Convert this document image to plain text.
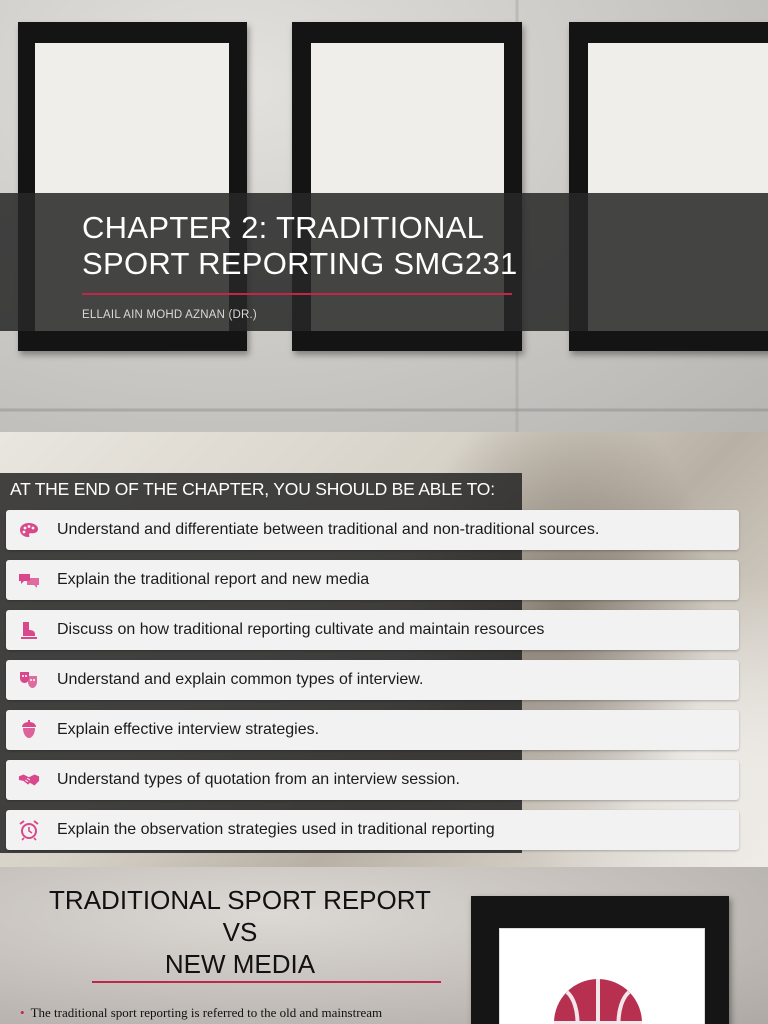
CHAPTER 2: TRADITIONAL
SPORT REPORTING SMG231
ELLAIL AIN MOHD AZNAN (DR.)
AT THE END OF THE CHAPTER, YOU SHOULD BE ABLE TO:
Understand and differentiate between traditional and non-traditional sources.
Explain the traditional report and new media
Discuss on how traditional reporting cultivate and maintain resources
Understand and explain common types of interview.
Explain effective interview strategies.
Understand types of quotation from an interview session.
Explain the observation strategies used in traditional reporting
TRADITIONAL SPORT REPORT
VS
NEW MEDIA
• The traditional sport reporting is referred to the old and mainstream
